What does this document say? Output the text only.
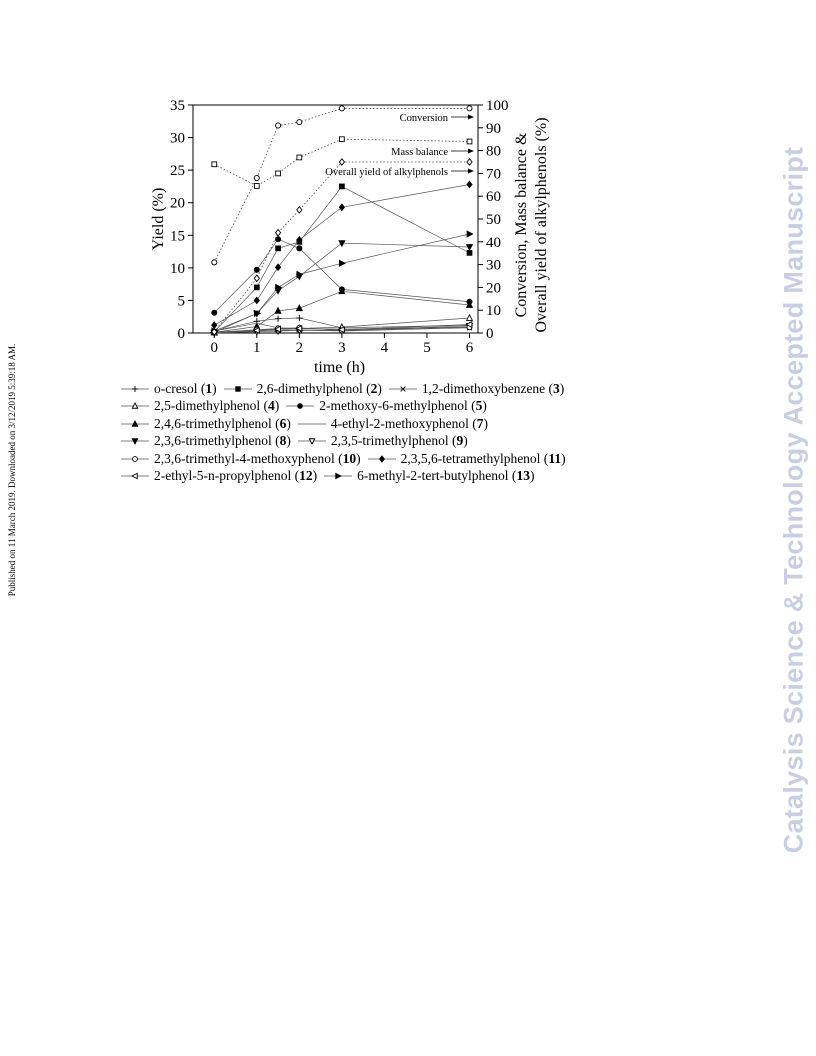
Catalysis Science & Technology Accepted Manuscript
Published on 11 March 2019. Downloaded on 3/12/2019 5:39:18 AM.	0 1 2 3 4 5 6
0
5
10
15
20
25
30
35
0
10
20
30
40
50
60
70
80
90
100
time (h)
Yield (%)	Conversion, Mass balance & Overall yield of alkylphenols (%)
Conversion
Mass balance
Overall yield of alkylphenols
o-cresol (1)	2,6-dimethylphenol (2)	1,2-dimethoxybenzene (3)
2,5-dimethylphenol (4)	2-methoxy-6-methylphenol (5)
2,4,6-trimethylphenol (6)	4-ethyl-2-methoxyphenol (7)
2,3,6-trimethylphenol (8)	2,3,5-trimethylphenol (9)
2,3,6-trimethyl-4-methoxyphenol (10)	2,3,5,6-tetramethylphenol (11)
2-ethyl-5-n-propylphenol (12)	6-methyl-2-tert-butylphenol (13)
